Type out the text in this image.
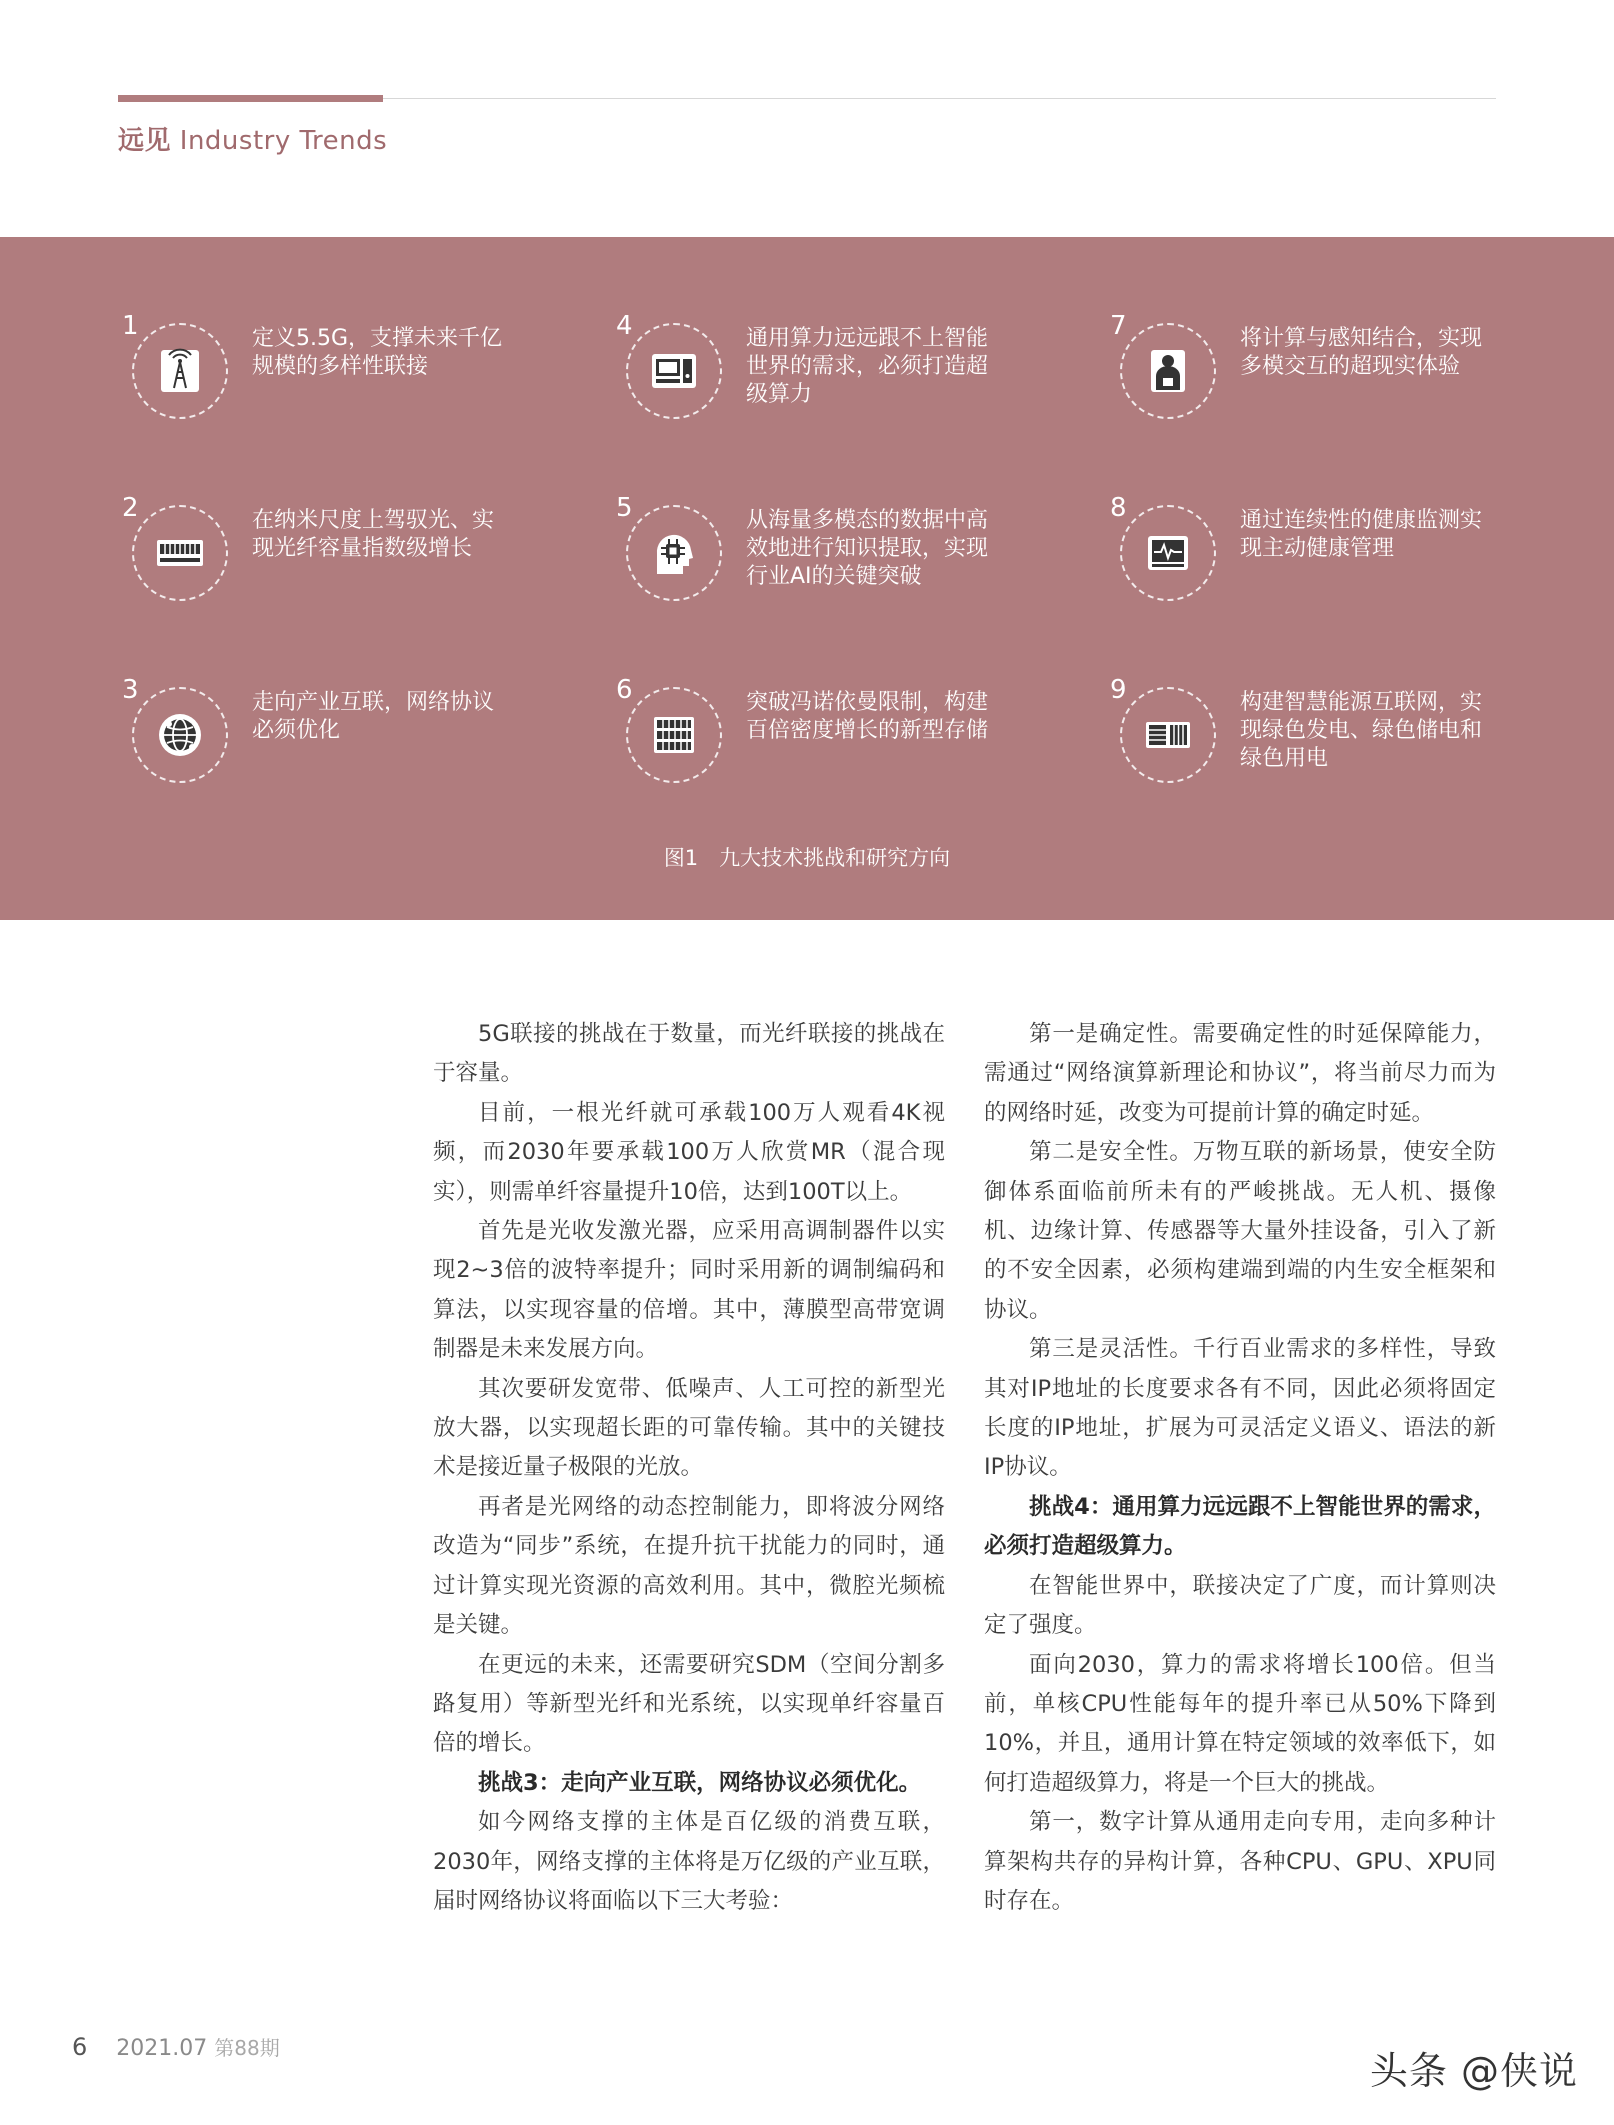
远见 Industry Trends
1	定义5.5G，支撑未来千亿规模的多样性联接
4	通用算力远远跟不上智能世界的需求，必须打造超级算力
7	将计算与感知结合，实现多模交互的超现实体验
2	在纳米尺度上驾驭光、实现光纤容量指数级增长
5	从海量多模态的数据中高效地进行知识提取，实现行业AI的关键突破
8	通过连续性的健康监测实现主动健康管理
3	走向产业互联，网络协议必须优化
6	突破冯诺依曼限制，构建百倍密度增长的新型存储
9	构建智慧能源互联网，实现绿色发电、绿色储电和绿色用电
图1　九大技术挑战和研究方向

5G联接的挑战在于数量，而光纤联接的挑战在于容量。

目前，一根光纤就可承载100万人观看4K视频，而2030年要承载100万人欣赏MR（混合现实），则需单纤容量提升10倍，达到100T以上。

首先是光收发激光器，应采用高调制器件以实现2~3倍的波特率提升；同时采用新的调制编码和算法，以实现容量的倍增。其中，薄膜型高带宽调制器是未来发展方向。

其次要研发宽带、低噪声、人工可控的新型光放大器，以实现超长距的可靠传输。其中的关键技术是接近量子极限的光放。

再者是光网络的动态控制能力，即将波分网络改造为“同步”系统，在提升抗干扰能力的同时，通过计算实现光资源的高效利用。其中，微腔光频梳是关键。

在更远的未来，还需要研究SDM（空间分割多路复用）等新型光纤和光系统，以实现单纤容量百倍的增长。

挑战3：走向产业互联，网络协议必须优化。

如今网络支撑的主体是百亿级的消费互联，2030年，网络支撑的主体将是万亿级的产业互联，届时网络协议将面临以下三大考验：

第一是确定性。需要确定性的时延保障能力，需通过“网络演算新理论和协议”，将当前尽力而为的网络时延，改变为可提前计算的确定时延。

第二是安全性。万物互联的新场景，使安全防御体系面临前所未有的严峻挑战。无人机、摄像机、边缘计算、传感器等大量外挂设备，引入了新的不安全因素，必须构建端到端的内生安全框架和协议。

第三是灵活性。千行百业需求的多样性，导致其对IP地址的长度要求各有不同，因此必须将固定长度的IP地址，扩展为可灵活定义语义、语法的新IP协议。

挑战4：通用算力远远跟不上智能世界的需求，必须打造超级算力。

在智能世界中，联接决定了广度，而计算则决定了强度。

面向2030，算力的需求将增长100倍。但当前，单核CPU性能每年的提升率已从50%下降到10%，并且，通用计算在特定领域的效率低下，如何打造超级算力，将是一个巨大的挑战。

第一，数字计算从通用走向专用，走向多种计算架构共存的异构计算，各种CPU、GPU、XPU同时存在。

6 2021.07 第88期
头条 @侠说
